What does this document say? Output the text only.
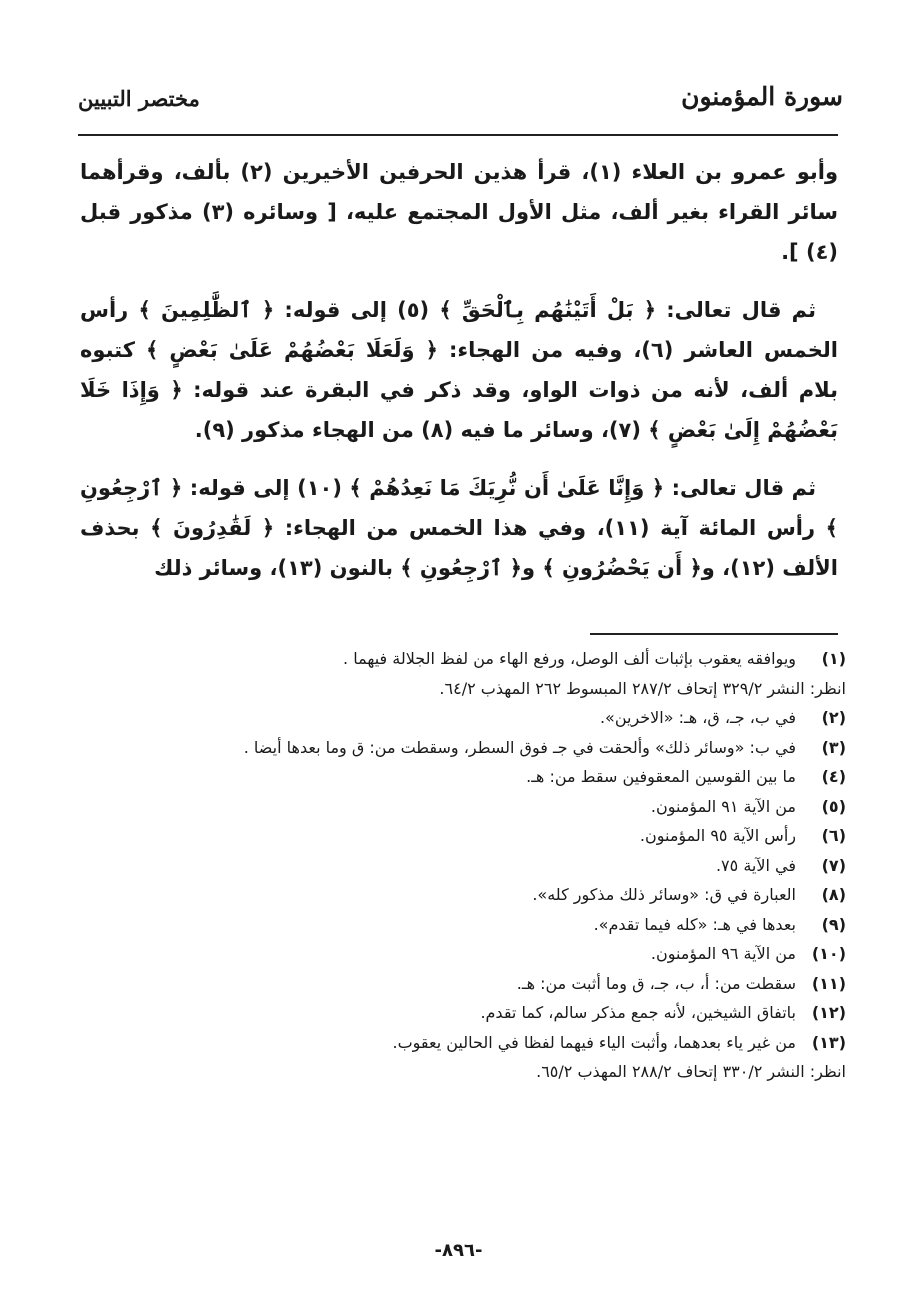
سورة المؤمنون
مختصر التبيين

وأبو عمرو بن العلاء (١)، قرأ هذين الحرفين الأخيرين (٢) بألف، وقرأهما سائر القراء بغير ألف، مثل الأول المجتمع عليه، [ وسائره (٣) مذكور قبل (٤) ].

ثم قال تعالى: ﴿ بَلْ أَتَيْنَٰهُم بِٱلْحَقِّ ﴾ (٥) إلى قوله: ﴿ ٱلظَّٰلِمِينَ ﴾ رأس الخمس العاشر (٦)، وفيه من الهجاء: ﴿ وَلَعَلَا بَعْضُهُمْ عَلَىٰ بَعْضٍ ﴾ كتبوه بلام ألف، لأنه من ذوات الواو، وقد ذكر في البقرة عند قوله: ﴿ وَإِذَا خَلَا بَعْضُهُمْ إِلَىٰ بَعْضٍ ﴾ (٧)، وسائر ما فيه (٨) من الهجاء مذكور (٩).

ثم قال تعالى: ﴿ وَإِنَّا عَلَىٰ أَن نُّرِيَكَ مَا نَعِدُهُمْ ﴾ (١٠) إلى قوله: ﴿ ٱرْجِعُونِ ﴾ رأس المائة آية (١١)، وفي هذا الخمس من الهجاء: ﴿ لَقَٰدِرُونَ ﴾ بحذف الألف (١٢)، و﴿ أَن يَحْضُرُونِ ﴾ و﴿ ٱرْجِعُونِ ﴾ بالنون (١٣)، وسائر ذلك

(١)
ويوافقه يعقوب بإثبات ألف الوصل، ورفع الهاء من لفظ الجلالة فيهما .
انظر: النشر ٣٢٩/٢ إتحاف ٢٨٧/٢ المبسوط ٢٦٢ المهذب ٦٤/٢.
(٢)
في ب، جـ، ق، هـ: «الاخرين».
(٣)
في ب: «وسائر ذلك» وألحقت في جـ فوق السطر، وسقطت من: ق وما بعدها أيضا .
(٤)
ما بين القوسين المعقوفين سقط من: هـ.
(٥)
من الآية ٩١ المؤمنون.
(٦)
رأس الآية ٩٥ المؤمنون.
(٧)
في الآية ٧٥.
(٨)
العبارة في ق: «وسائر ذلك مذكور كله».
(٩)
بعدها في هـ: «كله فيما تقدم».
(١٠)
من الآية ٩٦ المؤمنون.
(١١)
سقطت من: أ، ب، جـ، ق وما أثبت من: هـ.
(١٢)
باتفاق الشيخين، لأنه جمع مذكر سالم، كما تقدم.
(١٣)
من غير ياء بعدهما، وأثبت الياء فيهما لفظا في الحالين يعقوب.
انظر: النشر ٣٣٠/٢ إتحاف ٢٨٨/٢ المهذب ٦٥/٢.
-٨٩٦-
